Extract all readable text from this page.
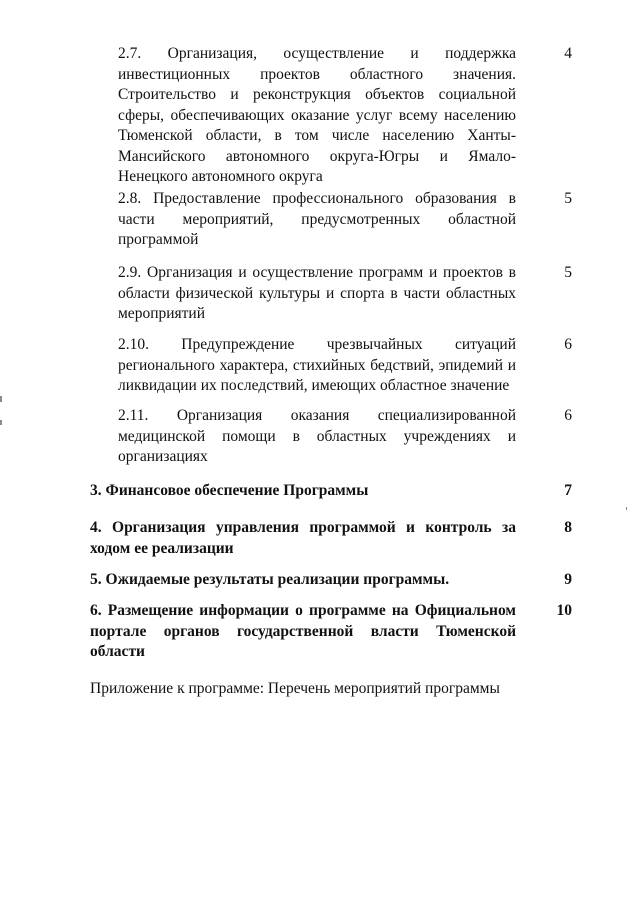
2.7. Организация, осуществление и поддержка инвестиционных проектов областного значения. Строительство и реконструкция объектов социальной сферы, обеспечивающих оказание услуг всему населению Тюменской области, в том числе населению Ханты-Мансийского автономного округа-Югры и Ямало-Ненецкого автономного округа
4
2.8. Предоставление профессионального образования в части мероприятий, предусмотренных областной программой
5
2.9. Организация и осуществление программ и проектов в области физической культуры и спорта в части областных мероприятий
5
2.10. Предупреждение чрезвычайных ситуаций регионального характера, стихийных бедствий, эпидемий и ликвидации их последствий, имеющих областное значение
6
2.11. Организация оказания специализированной медицинской помощи в областных учреждениях и организациях
6
3. Финансовое обеспечение Программы	7
4. Организация управления программой и контроль за ходом ее реализации
8
5. Ожидаемые результаты реализации программы.	9
6. Размещение информации о программе на Официальном портале органов государственной власти Тюменской области
10
Приложение к программе: Перечень мероприятий программы
